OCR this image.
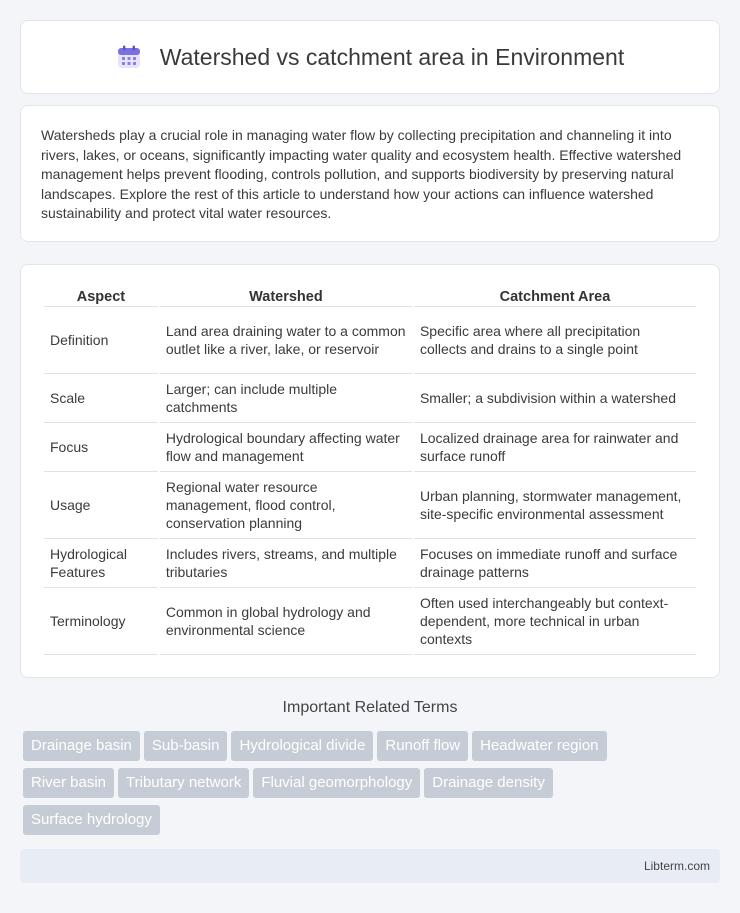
Watershed vs catchment area in Environment

Watersheds play a crucial role in managing water flow by collecting precipitation and channeling it into rivers, lakes, or oceans, significantly impacting water quality and ecosystem health. Effective watershed management helps prevent flooding, controls pollution, and supports biodiversity by preserving natural landscapes. Explore the rest of this article to understand how your actions can influence watershed sustainability and protect vital water resources.

Aspect	Watershed	Catchment Area
Definition	Land area draining water to a common outlet like a river, lake, or reservoir	Specific area where all precipitation collects and drains to a single point
Scale	Larger; can include multiple catchments	Smaller; a subdivision within a watershed
Focus	Hydrological boundary affecting water flow and management	Localized drainage area for rainwater and surface runoff
Usage	Regional water resource management, flood control, conservation planning	Urban planning, stormwater management, site-specific environmental assessment
Hydrological Features	Includes rivers, streams, and multiple tributaries	Focuses on immediate runoff and surface drainage patterns
Terminology	Common in global hydrology and environmental science	Often used interchangeably but context-dependent, more technical in urban contexts
Important Related Terms
Drainage basin Sub-basin Hydrological divide Runoff flow Headwater region
River basin Tributary network Fluvial geomorphology Drainage density
Surface hydrology
Libterm.com
